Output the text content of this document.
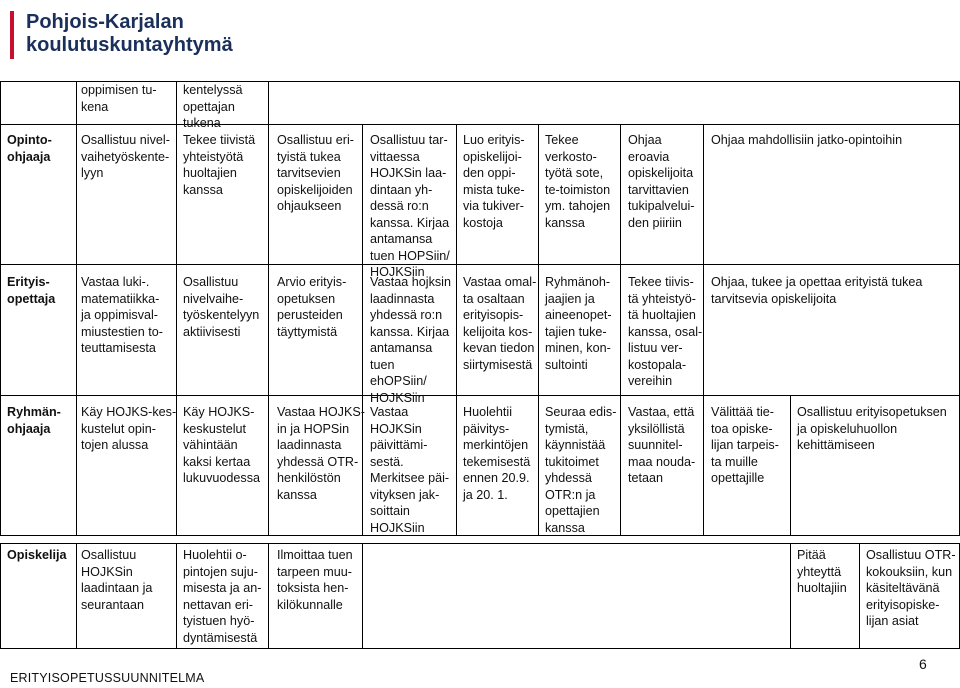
Pohjois-Karjalan
koulutuskuntayhtymä
oppimisen tu-
kena
kentelyssä
opettajan
tukena
Opinto-
ohjaaja
Osallistuu nivel-
vaihetyöskente-
lyyn
Tekee tiivistä
yhteistyötä
huoltajien
kanssa
Osallistuu eri-
tyistä tukea
tarvitsevien
opiskelijoiden
ohjaukseen
Osallistuu tar-
vittaessa
HOJKSin laa-
dintaan yh-
dessä ro:n
kanssa. Kirjaa
antamansa
tuen HOPSiin/
HOJKSiin
Luo erityis-
opiskelijoi-
den oppi-
mista tuke-
via tukiver-
kostoja
Tekee
verkosto-
työtä sote,
te-toimiston
ym. tahojen
kanssa
Ohjaa
eroavia
opiskelijoita
tarvittavien
tukipalvelui-
den piiriin
Ohjaa mahdollisiin jatko-opintoihin
Erityis-
opettaja
Vastaa luki-.
matematiikka-
ja oppimisval-
miustestien to-
teuttamisesta
Osallistuu
nivelvaihe-
työskentelyyn
aktiivisesti
Arvio erityis-
opetuksen
perusteiden
täyttymistä
Vastaa hojksin
laadinnasta
yhdessä ro:n
kanssa. Kirjaa
antamansa
tuen
ehOPSiin/
HOJKSiin
Vastaa omal-
ta osaltaan
erityisopis-
kelijoita kos-
kevan tiedon
siirtymisestä
Ryhmänoh-
jaajien ja
aineenopet-
tajien tuke-
minen, kon-
sultointi
Tekee tiivis-
tä yhteistyö-
tä huoltajien
kanssa, osal-
listuu ver-
kostopala-
vereihin
Ohjaa, tukee ja opettaa erityistä tukea
tarvitsevia opiskelijoita
Ryhmän-
ohjaaja
Käy HOJKS-kes-
kustelut opin-
tojen alussa
Käy HOJKS-
keskustelut
vähintään
kaksi kertaa
lukuvuodessa
Vastaa HOJKS-
in ja HOPSin
laadinnasta
yhdessä OTR-
henkilöstön
kanssa
Vastaa
HOJKSin
päivittämi-
sestä.
Merkitsee päi-
vityksen jak-
soittain
HOJKSiin
Huolehtii
päivitys-
merkintöjen
tekemisestä
ennen 20.9.
ja 20. 1.
Seuraa edis-
tymistä,
käynnistää
tukitoimet
yhdessä
OTR:n ja
opettajien
kanssa
Vastaa, että
yksilöllistä
suunnitel-
maa nouda-
tetaan
Välittää tie-
toa opiske-
lijan tarpeis-
ta muille
opettajille
Osallistuu erityisopetuksen
ja opiskeluhuollon
kehittämiseen
Opiskelija Osallistuu
HOJKSin
laadintaan ja
seurantaan
Huolehtii o-
pintojen suju-
misesta ja an-
nettavan eri-
tyistuen hyö-
dyntämisestä
Ilmoittaa tuen
tarpeen muu-
toksista hen-
kilökunnalle
Pitää
yhteyttä
huoltajiin
Osallistuu OTR-
kokouksiin, kun
käsiteltävänä
erityisopiske-
lijan asiat
ERITYISOPETUSSUUNNITELMA
6
